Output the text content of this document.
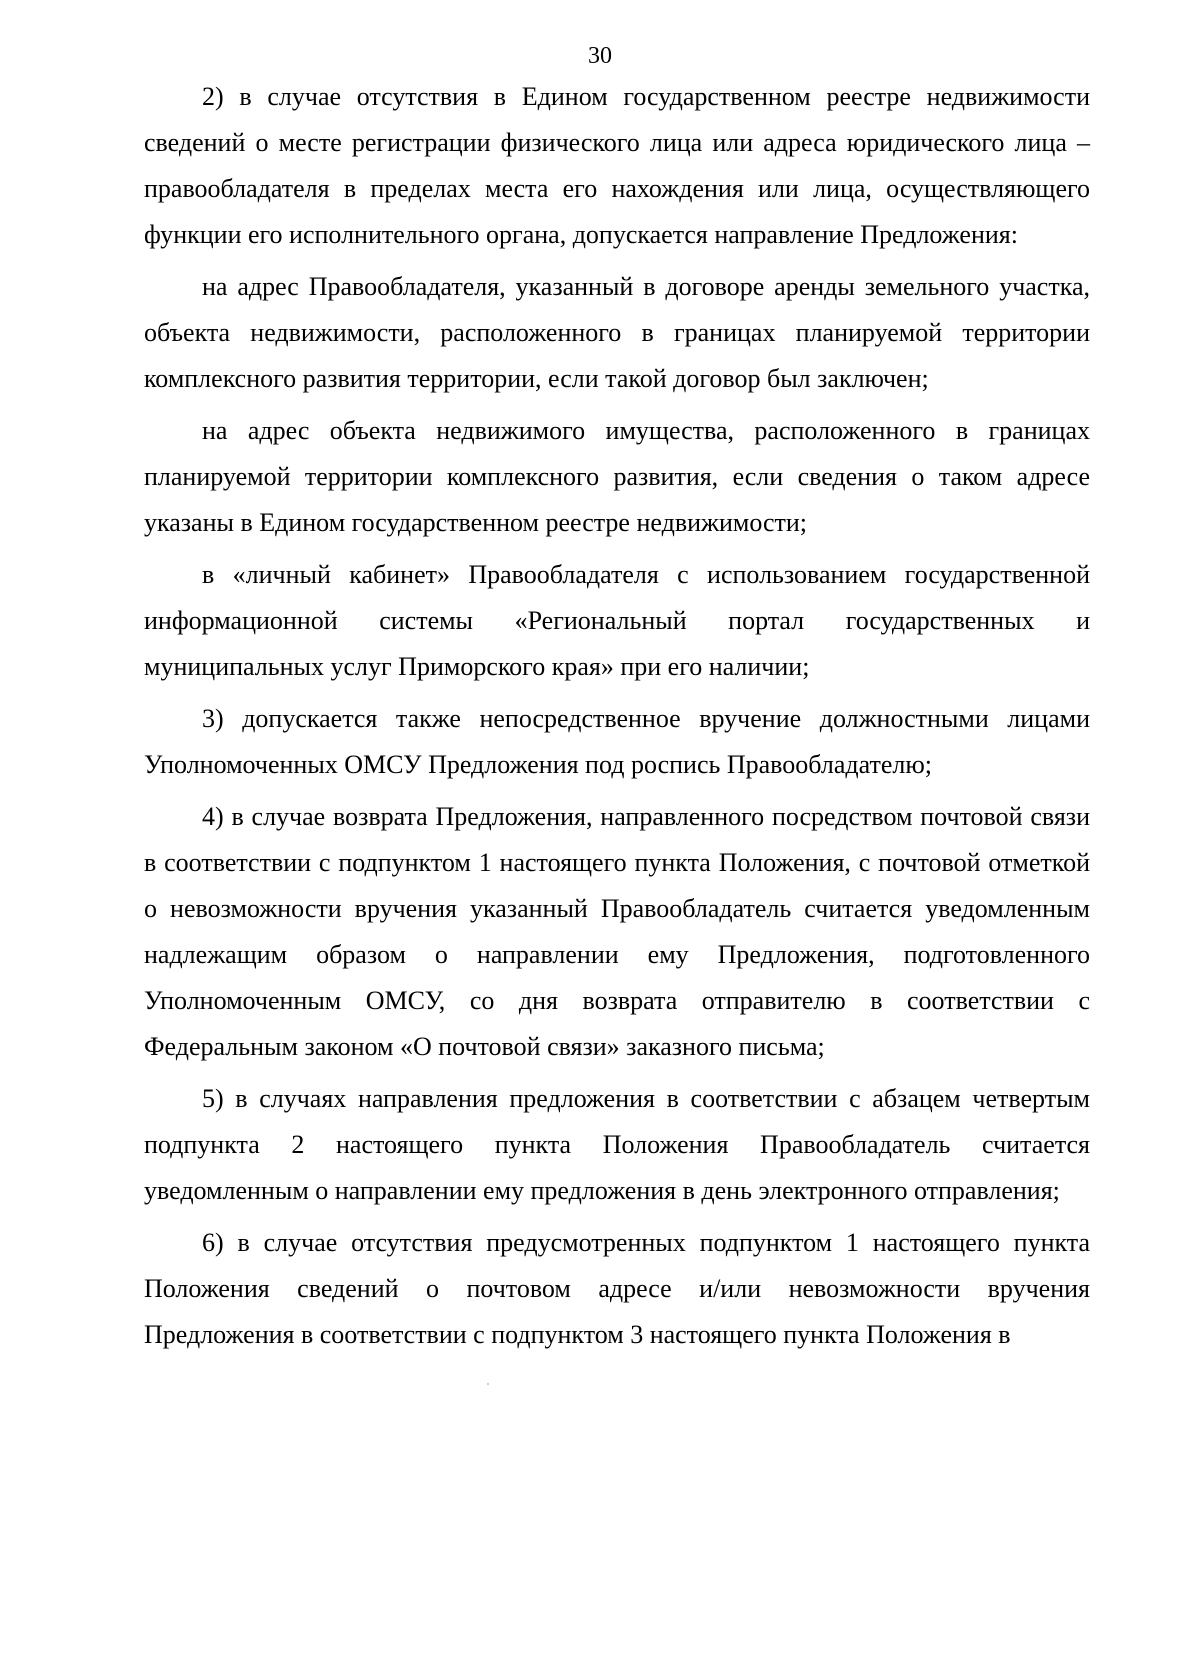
30

2) в случае отсутствия в Едином государственном реестре недвижимости сведений о месте регистрации физического лица или адреса юридического лица – правообладателя в пределах места его нахождения или лица, осуществляющего функции его исполнительного органа, допускается направление Предложения:

на адрес Правообладателя, указанный в договоре аренды земельного участка, объекта недвижимости, расположенного в границах планируемой территории комплексного развития территории, если такой договор был заключен;

на адрес объекта недвижимого имущества, расположенного в границах планируемой территории комплексного развития, если сведения о таком адресе указаны в Едином государственном реестре недвижимости;

в «личный кабинет» Правообладателя с использованием государственной информационной системы «Региональный портал государственных и муниципальных услуг Приморского края» при его наличии;

3) допускается также непосредственное вручение должностными лицами Уполномоченных ОМСУ Предложения под роспись Правообладателю;

4) в случае возврата Предложения, направленного посредством почтовой связи в соответствии с подпунктом 1 настоящего пункта Положения, с почтовой отметкой о невозможности вручения указанный Правообладатель считается уведомленным надлежащим образом о направлении ему Предложения, подготовленного Уполномоченным ОМСУ, со дня возврата отправителю в соответствии с Федеральным законом «О почтовой связи» заказного письма;

5) в случаях направления предложения в соответствии с абзацем четвертым подпункта 2 настоящего пункта Положения Правообладатель считается уведомленным о направлении ему предложения в день электронного отправления;

6) в случае отсутствия предусмотренных подпунктом 1 настоящего пункта Положения сведений о почтовом адресе и/или невозможности вручения Предложения в соответствии с подпунктом 3 настоящего пункта Положения в
